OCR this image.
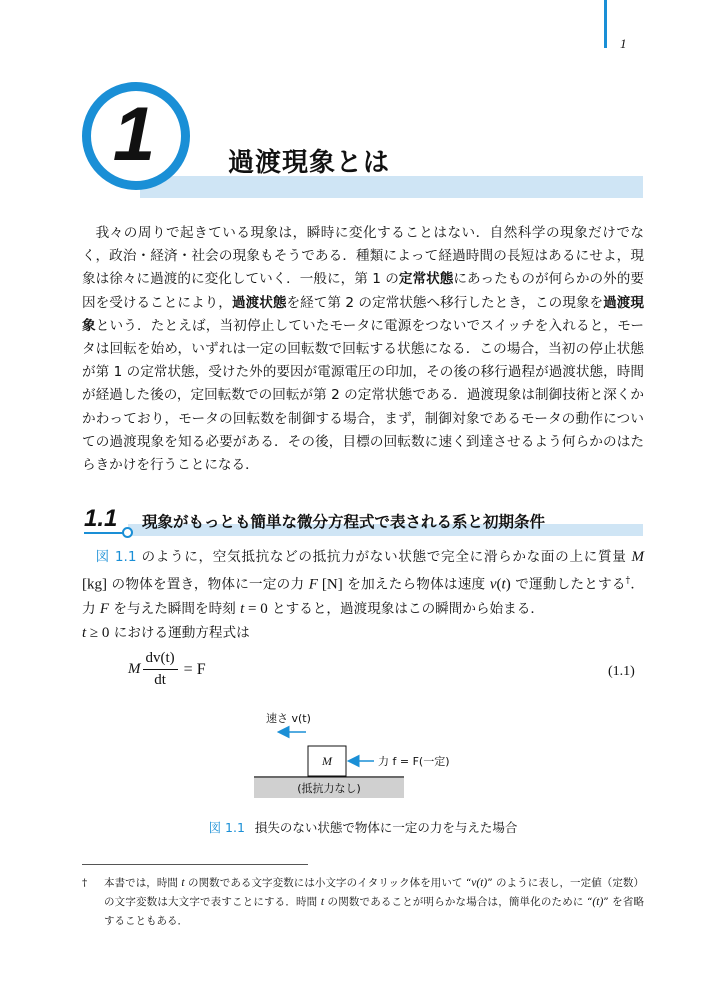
1
1	過渡現象とは
我々の周りで起きている現象は，瞬時に変化することはない．自然科学の現象だけでなく，政治・経済・社会の現象もそうである．種類によって経過時間の長短はあるにせよ，現象は徐々に過渡的に変化していく．一般に，第 1 の定常状態にあったものが何らかの外的要因を受けることにより，過渡状態を経て第 2 の定常状態へ移行したとき，この現象を過渡現象という．たとえば，当初停止していたモータに電源をつないでスイッチを入れると，モータは回転を始め，いずれは一定の回転数で回転する状態になる．この場合，当初の停止状態が第 1 の定常状態，受けた外的要因が電源電圧の印加，その後の移行過程が過渡状態，時間が経過した後の，定回転数での回転が第 2 の定常状態である．過渡現象は制御技術と深くかかわっており，モータの回転数を制御する場合，まず，制御対象であるモータの動作についての過渡現象を知る必要がある．その後，目標の回転数に速く到達させるよう何らかのはたらきかけを行うことになる．
1.1 現象がもっとも簡単な微分方程式で表される系と初期条件
図 1.1 のように，空気抵抗などの抵抗力がない状態で完全に滑らかな面の上に質量 M [kg] の物体を置き，物体に一定の力 F [N] を加えたら物体は速度 v(t) で運動したとする†．力 F を与えた瞬間を時刻 t = 0 とすると，過渡現象はこの瞬間から始まる．
t ≥ 0 における運動方程式は
M $\frac{dv(t)}{dt} = F$	(1.1)
速さ v(t)
M	力 f = F(一定)
(抵抗力なし)
図 1.1 損失のない状態で物体に一定の力を与えた場合
†	本書では，時間 t の関数である文字変数には小文字のイタリック体を用いて “v(t)” のように表し，一定値（定数）の文字変数は大文字で表すことにする．時間 t の関数であることが明らかな場合は，簡単化のために “(t)” を省略することもある．
